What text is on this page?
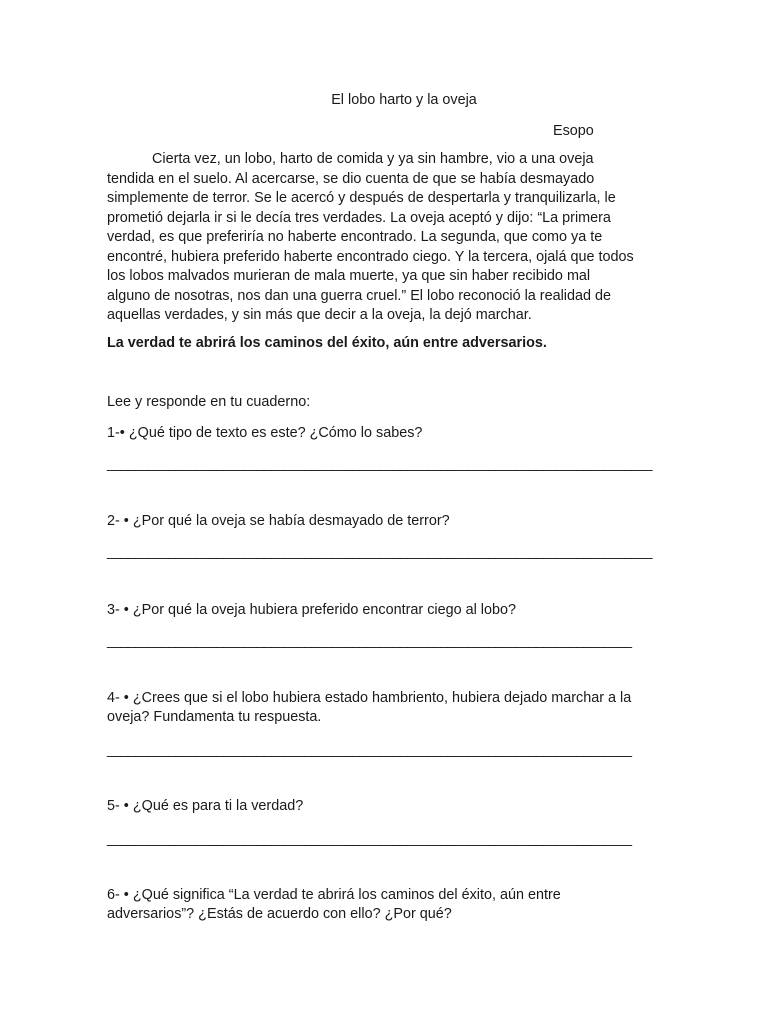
El lobo harto y la oveja
Esopo
Cierta vez, un lobo, harto de comida y ya sin hambre, vio a una oveja
tendida en el suelo. Al acercarse, se dio cuenta de que se había desmayado
simplemente de terror. Se le acercó y después de despertarla y tranquilizarla, le
prometió dejarla ir si le decía tres verdades. La oveja aceptó y dijo: “La primera
verdad, es que preferiría no haberte encontrado. La segunda, que como ya te
encontré, hubiera preferido haberte encontrado ciego. Y la tercera, ojalá que todos
los lobos malvados murieran de mala muerte, ya que sin haber recibido mal
alguno de nosotras, nos dan una guerra cruel.” El lobo reconoció la realidad de
aquellas verdades, y sin más que decir a la oveja, la dejó marchar.
La verdad te abrirá los caminos del éxito, aún entre adversarios.
Lee y responde en tu cuaderno:
1-• ¿Qué tipo de texto es este? ¿Cómo lo sabes?
________________________________________________________________________________
2- • ¿Por qué la oveja se había desmayado de terror?
________________________________________________________________________________
3- • ¿Por qué la oveja hubiera preferido encontrar ciego al lobo?
_____________________________________________________________________________
4- • ¿Crees que si el lobo hubiera estado hambriento, hubiera dejado marchar a la
oveja? Fundamenta tu respuesta.
_____________________________________________________________________________
5- • ¿Qué es para ti la verdad?
_____________________________________________________________________________
6- • ¿Qué significa “La verdad te abrirá los caminos del éxito, aún entre
adversarios”? ¿Estás de acuerdo con ello? ¿Por qué?
